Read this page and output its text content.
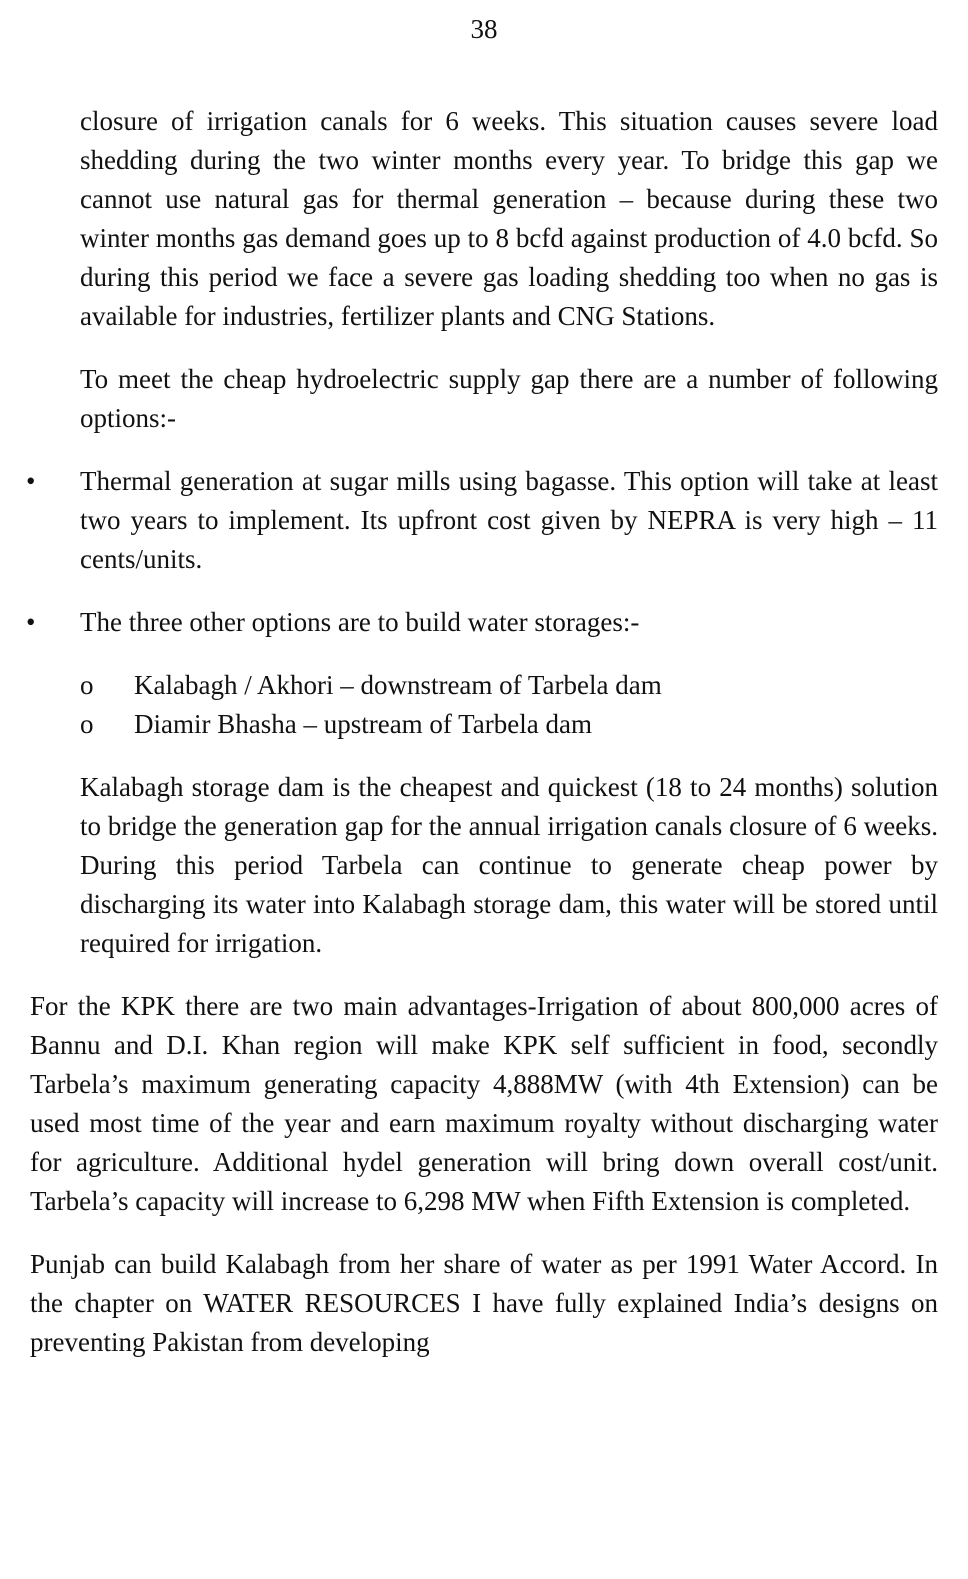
38

closure of irrigation canals for 6 weeks. This situation causes severe load shedding during the two winter months every year. To bridge this gap we cannot use natural gas for thermal generation – because during these two winter months gas demand goes up to 8 bcfd against production of 4.0 bcfd. So during this period we face a severe gas loading shedding too when no gas is available for industries, fertilizer plants and CNG Stations.

To meet the cheap hydroelectric supply gap there are a number of following options:-

• Thermal generation at sugar mills using bagasse. This option will take at least two years to implement. Its upfront cost given by NEPRA is very high – 11 cents/units.
• The three other options are to build water storages:-
o Kalabagh / Akhori – downstream of Tarbela dam
o Diamir Bhasha – upstream of Tarbela dam

Kalabagh storage dam is the cheapest and quickest (18 to 24 months) solution to bridge the generation gap for the annual irrigation canals closure of 6 weeks. During this period Tarbela can continue to generate cheap power by discharging its water into Kalabagh storage dam, this water will be stored until required for irrigation.

For the KPK there are two main advantages-Irrigation of about 800,000 acres of Bannu and D.I. Khan region will make KPK self sufficient in food, secondly Tarbela’s maximum generating capacity 4,888MW (with 4th Extension) can be used most time of the year and earn maximum royalty without discharging water for agriculture. Additional hydel generation will bring down overall cost/unit. Tarbela’s capacity will increase to 6,298 MW when Fifth Extension is completed.

Punjab can build Kalabagh from her share of water as per 1991 Water Accord. In the chapter on WATER RESOURCES I have fully explained India’s designs on preventing Pakistan from developing
